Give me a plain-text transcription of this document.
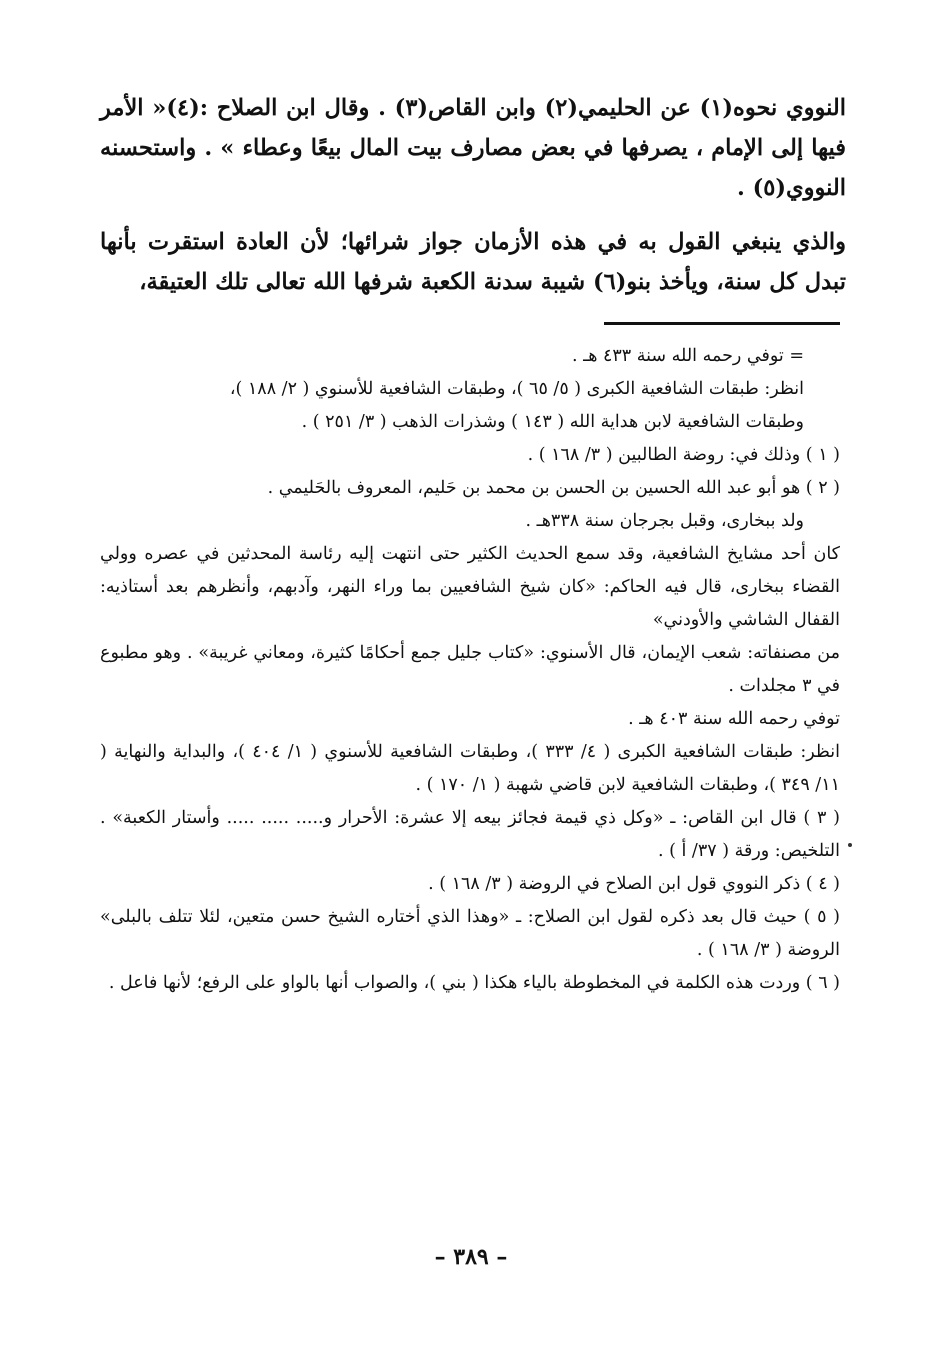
النووي نحوه(١) عن الحليمي(٢) وابن القاص(٣) . وقال ابن الصلاح :(٤)« الأمر فيها إلى الإمام ، يصرفها في بعض مصارف بيت المال بيعًا وعطاء » . واستحسنه النووي(٥) .

والذي ينبغي القول به في هذه الأزمان جواز شرائها؛ لأن العادة استقرت بأنها تبدل كل سنة، ويأخذ بنو(٦) شيبة سدنة الكعبة شرفها الله تعالى تلك العتيقة،

= توفي رحمه الله سنة ٤٣٣ هـ .

انظر: طبقات الشافعية الكبرى ( ٥/ ٦٥ )، وطبقات الشافعية للأسنوي ( ٢/ ١٨٨ )،

وطبقات الشافعية لابن هداية الله ( ١٤٣ ) وشذرات الذهب ( ٣/ ٢٥١ ) .

( ١ ) وذلك في: روضة الطالبين ( ٣/ ١٦٨ ) .

( ٢ ) هو أبو عبد الله الحسين بن الحسن بن محمد بن حَليم، المعروف بالحَليمي .

ولد ببخارى، وقبل بجرجان سنة ٣٣٨هـ .

كان أحد مشايخ الشافعية، وقد سمع الحديث الكثير حتى انتهت إليه رئاسة المحدثين في عصره وولي القضاء ببخارى، قال فيه الحاكم: «كان شيخ الشافعيين بما وراء النهر، وآدبهم، وأنظرهم بعد أستاذيه: القفال الشاشي والأودني»

من مصنفاته: شعب الإيمان، قال الأسنوي: «كتاب جليل جمع أحكامًا كثيرة، ومعاني غريبة» . وهو مطبوع في ٣ مجلدات .

توفي رحمه الله سنة ٤٠٣ هـ .

انظر: طبقات الشافعية الكبرى ( ٤/ ٣٣٣ )، وطبقات الشافعية للأسنوي ( ١/ ٤٠٤ )، والبداية والنهاية ( ١١/ ٣٤٩ )، وطبقات الشافعية لابن قاضي شهبة ( ١/ ١٧٠ ) .

( ٣ ) قال ابن القاص: ـ «وكل ذي قيمة فجائز بيعه إلا عشرة: الأحرار و..... ..... ..... وأستار الكعبة» . التلخيص: ورقة ( ٣٧/ أ ) .

( ٤ ) ذكر النووي قول ابن الصلاح في الروضة ( ٣/ ١٦٨ ) .

( ٥ ) حيث قال بعد ذكره لقول ابن الصلاح: ـ «وهذا الذي أختاره الشيخ حسن متعين، لئلا تتلف بالبلى» الروضة ( ٣/ ١٦٨ ) .

( ٦ ) وردت هذه الكلمة في المخطوطة بالياء هكذا ( بني )، والصواب أنها بالواو على الرفع؛ لأنها فاعل .

– ٣٨٩ –
